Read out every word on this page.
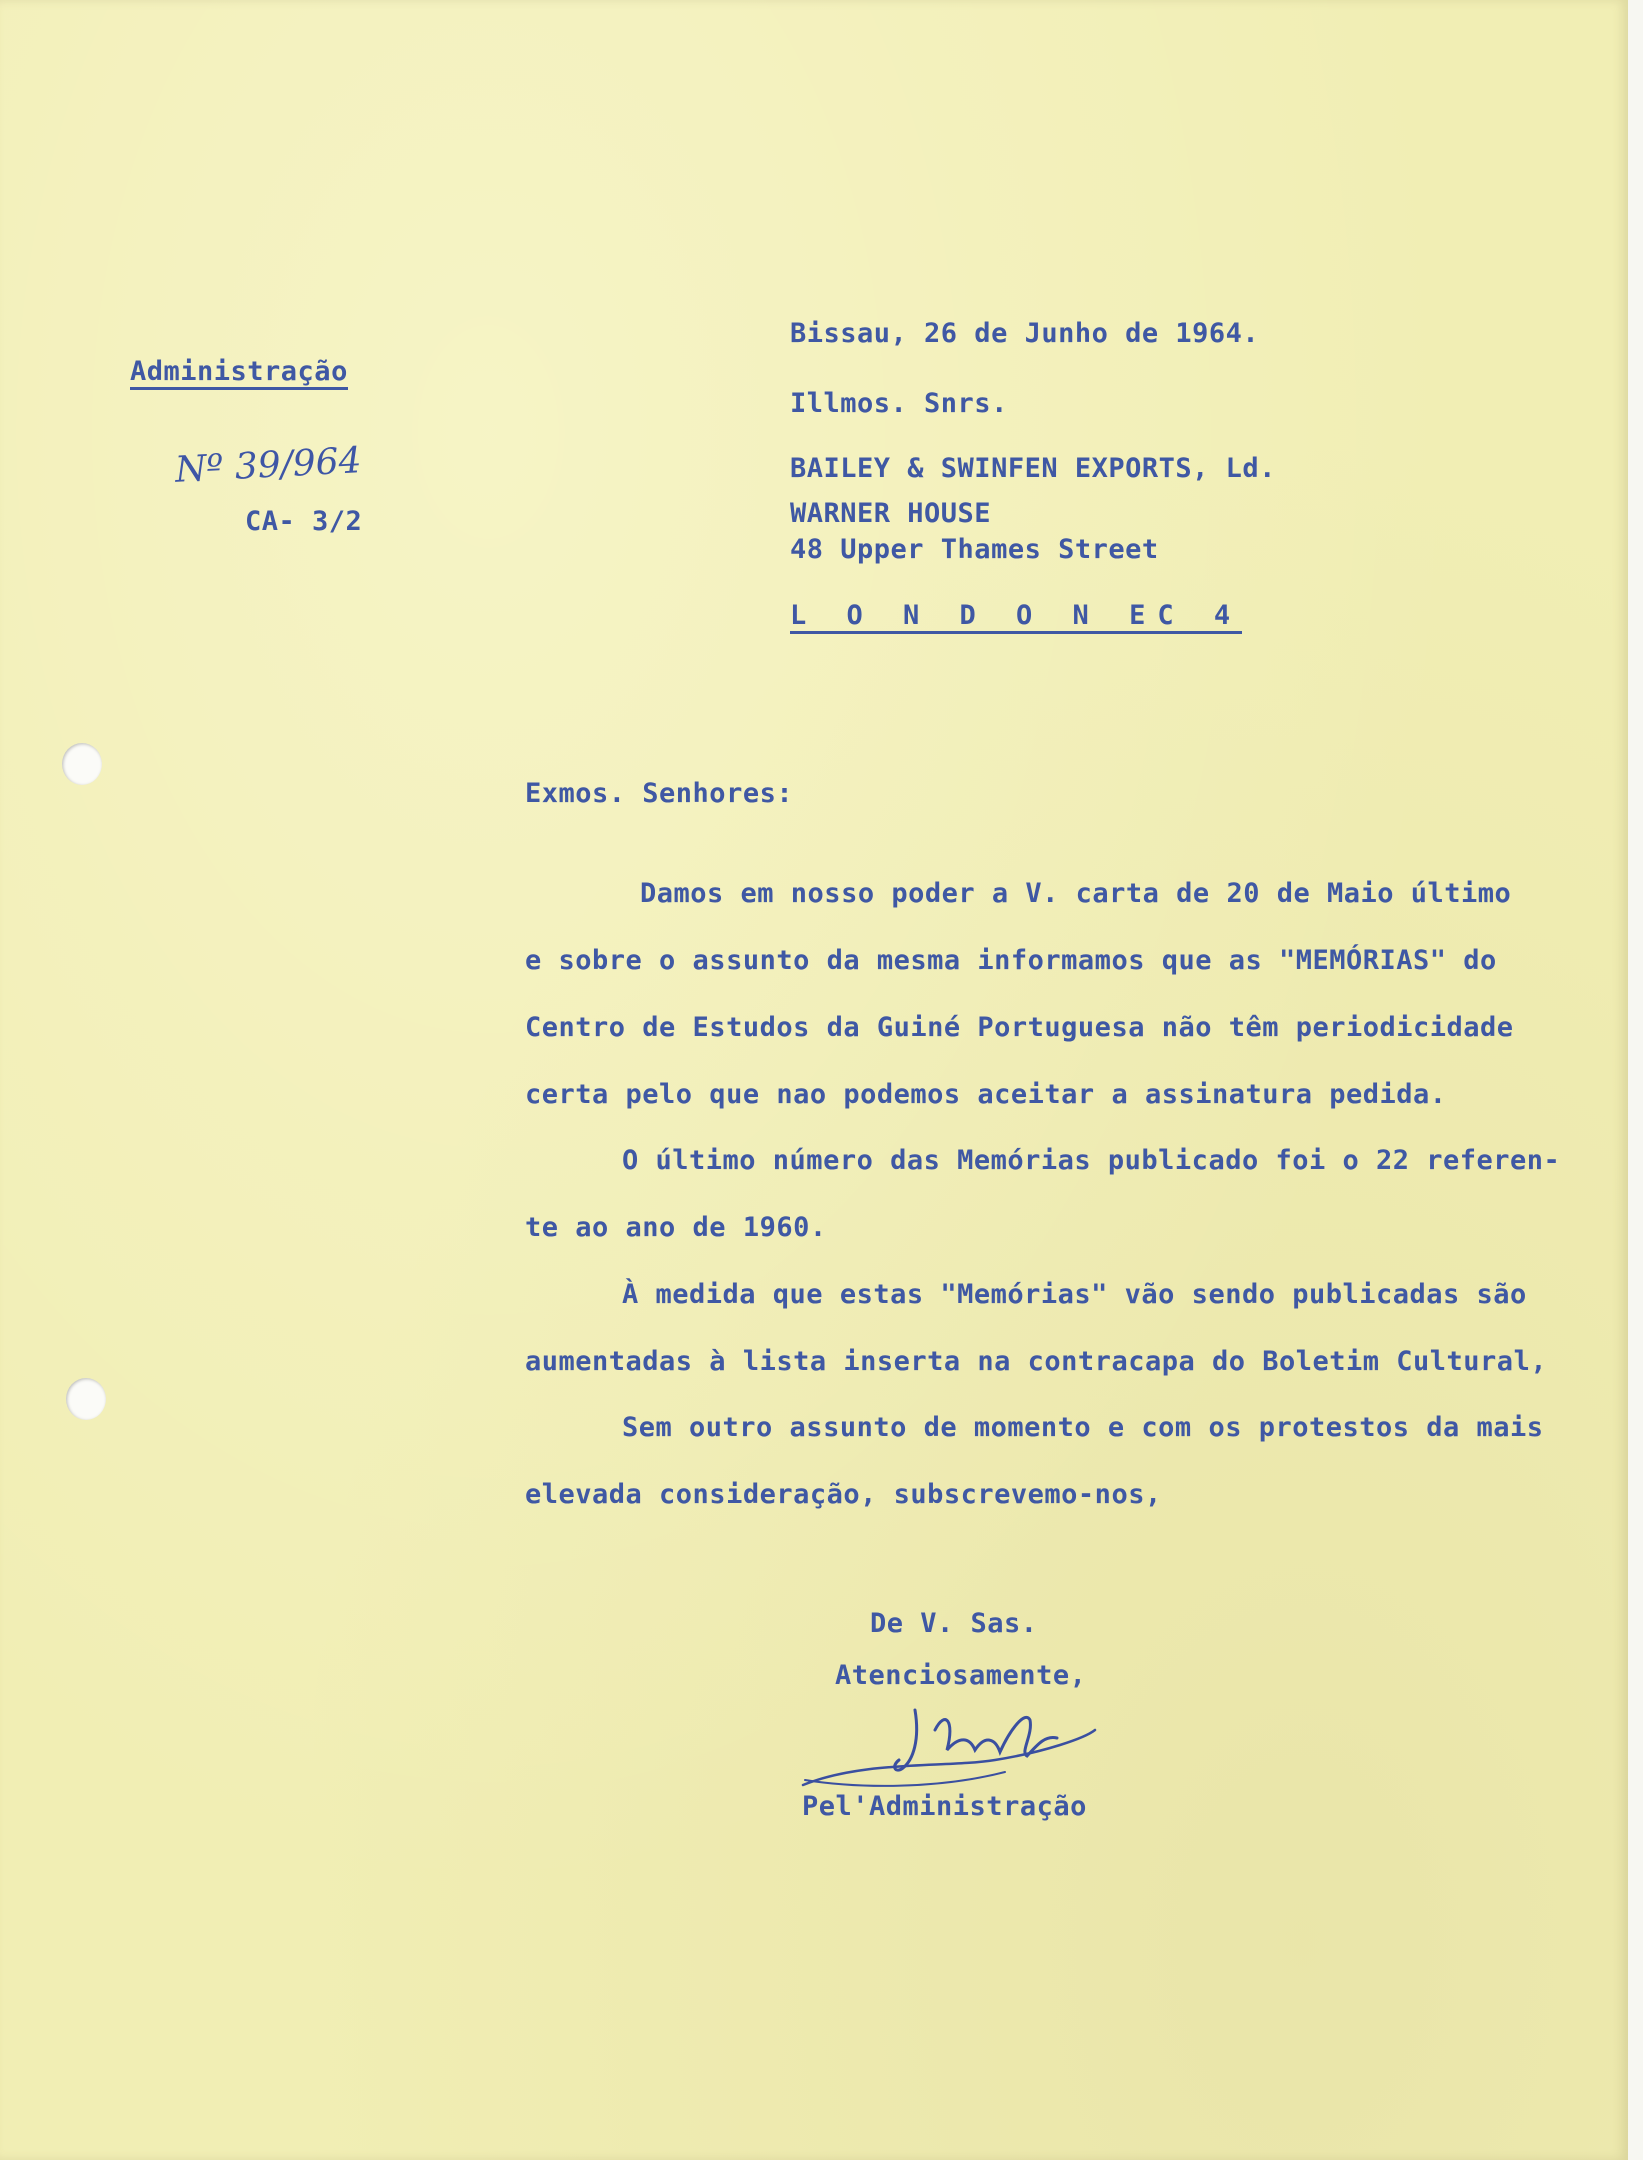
Administração
Nº 39/964
CA- 3/2
Bissau, 26 de Junho de 1964.
Illmos. Snrs.
BAILEY & SWINFEN EXPORTS, Ld.
WARNER HOUSE
48 Upper Thames Street
L O N D O N EC 4
Exmos. Senhores:
Damos em nosso poder a V. carta de 20 de Maio último
e sobre o assunto da mesma informamos que as "MEMÓRIAS" do
Centro de Estudos da Guiné Portuguesa não têm periodicidade
certa pelo que nao podemos aceitar a assinatura pedida.
O último número das Memórias publicado foi o 22 referen-
te ao ano de 1960.
À medida que estas "Memórias" vão sendo publicadas são
aumentadas à lista inserta na contracapa do Boletim Cultural,
Sem outro assunto de momento e com os protestos da mais
elevada consideração, subscrevemo-nos,
De V. Sas.
Atenciosamente,
Pel'Administração
